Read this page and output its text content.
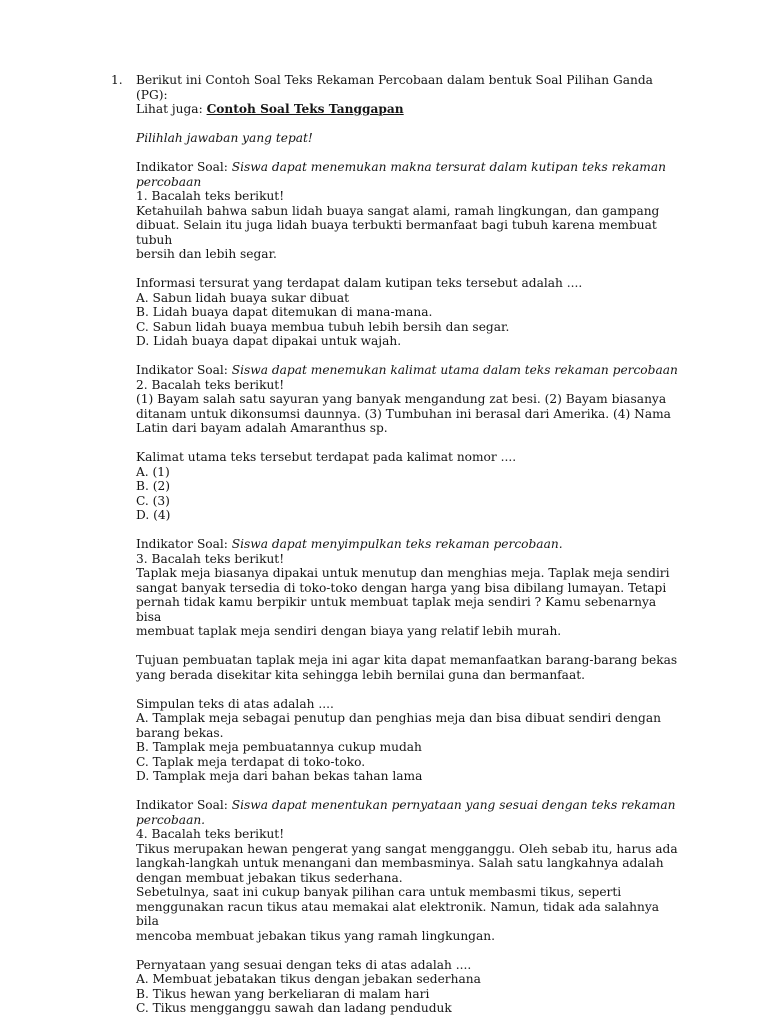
1. Berikut ini Contoh Soal Teks Rekaman Percobaan dalam bentuk Soal Pilihan Ganda
(PG):
Lihat juga: Contoh Soal Teks Tanggapan
Pilihlah jawaban yang tepat!
Indikator Soal: Siswa dapat menemukan makna tersurat dalam kutipan teks rekaman
percobaan
1. Bacalah teks berikut!
Ketahuilah bahwa sabun lidah buaya sangat alami, ramah lingkungan, dan gampang
dibuat. Selain itu juga lidah buaya terbukti bermanfaat bagi tubuh karena membuat tubuh
bersih dan lebih segar.
Informasi tersurat yang terdapat dalam kutipan teks tersebut adalah ....
A. Sabun lidah buaya sukar dibuat
B. Lidah buaya dapat ditemukan di mana-mana.
C. Sabun lidah buaya membua tubuh lebih bersih dan segar.
D. Lidah buaya dapat dipakai untuk wajah.
Indikator Soal: Siswa dapat menemukan kalimat utama dalam teks rekaman percobaan
2. Bacalah teks berikut!
(1) Bayam salah satu sayuran yang banyak mengandung zat besi. (2) Bayam biasanya
ditanam untuk dikonsumsi daunnya. (3) Tumbuhan ini berasal dari Amerika. (4) Nama
Latin dari bayam adalah Amaranthus sp.
Kalimat utama teks tersebut terdapat pada kalimat nomor ....
A. (1)
B. (2)
C. (3)
D. (4)
Indikator Soal: Siswa dapat menyimpulkan teks rekaman percobaan.
3. Bacalah teks berikut!
Taplak meja biasanya dipakai untuk menutup dan menghias meja. Taplak meja sendiri
sangat banyak tersedia di toko-toko dengan harga yang bisa dibilang lumayan. Tetapi
pernah tidak kamu berpikir untuk membuat taplak meja sendiri ? Kamu sebenarnya bisa
membuat taplak meja sendiri dengan biaya yang relatif lebih murah.
Tujuan pembuatan taplak meja ini agar kita dapat memanfaatkan barang-barang bekas
yang berada disekitar kita sehingga lebih bernilai guna dan bermanfaat.
Simpulan teks di atas adalah ....
A. Tamplak meja sebagai penutup dan penghias meja dan bisa dibuat sendiri dengan
barang bekas.
B. Tamplak meja pembuatannya cukup mudah
C. Taplak meja terdapat di toko-toko.
D. Tamplak meja dari bahan bekas tahan lama
Indikator Soal: Siswa dapat menentukan pernyataan yang sesuai dengan teks rekaman
percobaan.
4. Bacalah teks berikut!
Tikus merupakan hewan pengerat yang sangat mengganggu. Oleh sebab itu, harus ada
langkah-langkah untuk menangani dan membasminya. Salah satu langkahnya adalah
dengan membuat jebakan tikus sederhana.
Sebetulnya, saat ini cukup banyak pilihan cara untuk membasmi tikus, seperti
menggunakan racun tikus atau memakai alat elektronik. Namun, tidak ada salahnya bila
mencoba membuat jebakan tikus yang ramah lingkungan.
Pernyataan yang sesuai dengan teks di atas adalah ....
A. Membuat jebatakan tikus dengan jebakan sederhana
B. Tikus hewan yang berkeliaran di malam hari
C. Tikus mengganggu sawah dan ladang penduduk
